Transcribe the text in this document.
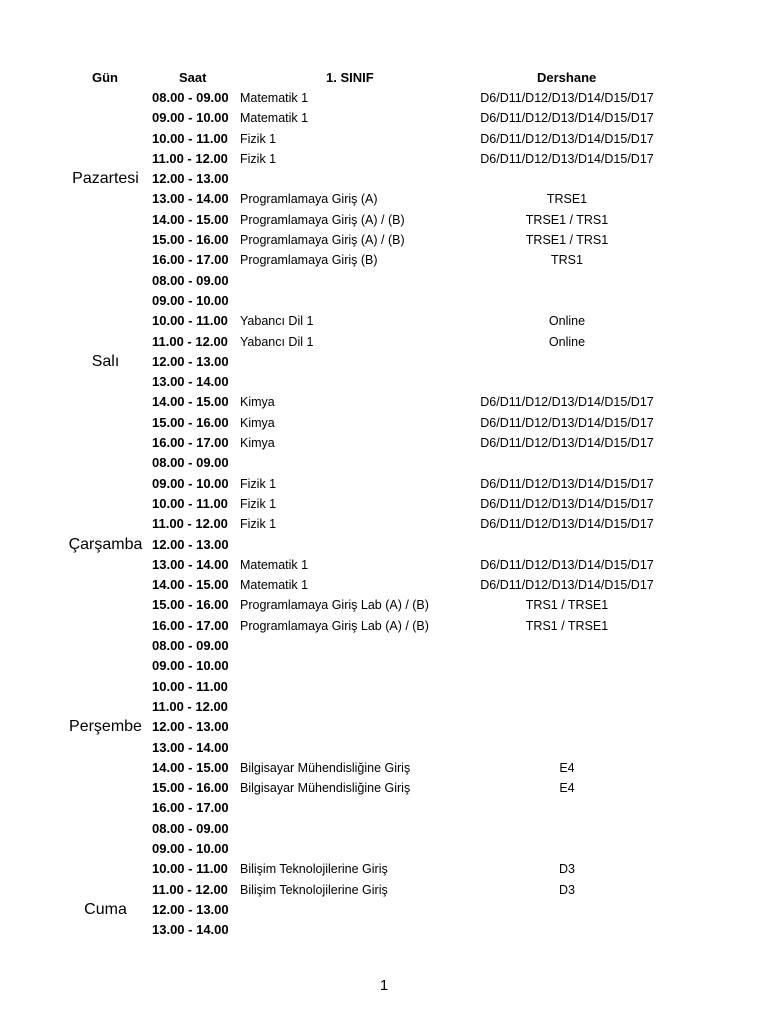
Gün	Saat	1. SINIF	Dershane
Pazartesi
08.00 - 09.00 Matematik 1	D6/D11/D12/D13/D14/D15/D17
09.00 - 10.00 Matematik 1	D6/D11/D12/D13/D14/D15/D17
10.00 - 11.00 Fizik 1	D6/D11/D12/D13/D14/D15/D17
11.00 - 12.00 Fizik 1	D6/D11/D12/D13/D14/D15/D17
12.00 - 13.00
13.00 - 14.00 Programlamaya Giriş (A)	TRSE1
14.00 - 15.00 Programlamaya Giriş (A) / (B)	TRSE1 / TRS1
15.00 - 16.00 Programlamaya Giriş (A) / (B)	TRSE1 / TRS1
16.00 - 17.00 Programlamaya Giriş (B)	TRS1
Salı
08.00 - 09.00
09.00 - 10.00
10.00 - 11.00 Yabancı Dil 1	Online
11.00 - 12.00 Yabancı Dil 1	Online
12.00 - 13.00
13.00 - 14.00
14.00 - 15.00 Kimya	D6/D11/D12/D13/D14/D15/D17
15.00 - 16.00 Kimya	D6/D11/D12/D13/D14/D15/D17
16.00 - 17.00 Kimya	D6/D11/D12/D13/D14/D15/D17
Çarşamba
08.00 - 09.00
09.00 - 10.00 Fizik 1	D6/D11/D12/D13/D14/D15/D17
10.00 - 11.00 Fizik 1	D6/D11/D12/D13/D14/D15/D17
11.00 - 12.00 Fizik 1	D6/D11/D12/D13/D14/D15/D17
12.00 - 13.00
13.00 - 14.00 Matematik 1	D6/D11/D12/D13/D14/D15/D17
14.00 - 15.00 Matematik 1	D6/D11/D12/D13/D14/D15/D17
15.00 - 16.00 Programlamaya Giriş Lab (A) / (B)	TRS1 / TRSE1
16.00 - 17.00 Programlamaya Giriş Lab (A) / (B)	TRS1 / TRSE1
Perşembe
08.00 - 09.00
09.00 - 10.00
10.00 - 11.00
11.00 - 12.00
12.00 - 13.00
13.00 - 14.00
14.00 - 15.00 Bilgisayar Mühendisliğine Giriş	E4
15.00 - 16.00 Bilgisayar Mühendisliğine Giriş	E4
16.00 - 17.00
Cuma
08.00 - 09.00
09.00 - 10.00
10.00 - 11.00 Bilişim Teknolojilerine Giriş	D3
11.00 - 12.00 Bilişim Teknolojilerine Giriş	D3
12.00 - 13.00
13.00 - 14.00
1
